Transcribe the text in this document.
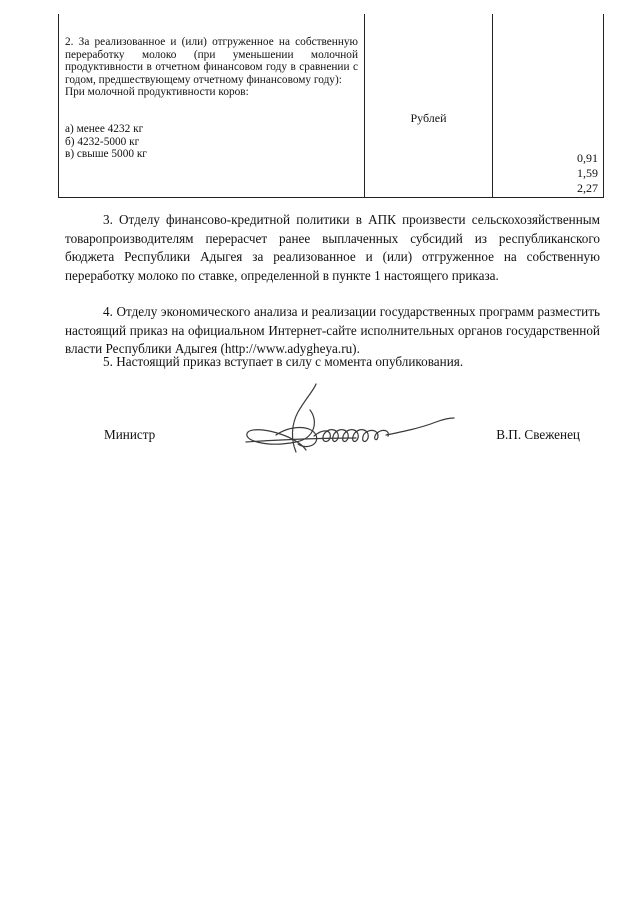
2. За реализованное и (или) отгруженное на собственную переработку молоко (при уменьшении молочной продуктивности в отчетном финансовом году в сравнении с годом, предшествующему отчетному финансовому году):
При молочной продуктивности коров:
а) менее 4232 кг
б) 4232-5000 кг
в) свыше 5000 кг
Рублей
0,91
1,59
2,27

3. Отделу финансово-кредитной политики в АПК произвести сельскохозяйственным товаропроизводителям перерасчет ранее выплаченных субсидий из республиканского бюджета Республики Адыгея за реализованное и (или) отгруженное на собственную переработку молоко по ставке, определенной в пункте 1 настоящего приказа.

4. Отделу экономического анализа и реализации государственных программ разместить настоящий приказ на официальном Интернет-сайте исполнительных органов государственной власти Республики Адыгея (http://www.adygheya.ru).

5. Настоящий приказ вступает в силу с момента опубликования.

Министр	В.П. Свеженец
